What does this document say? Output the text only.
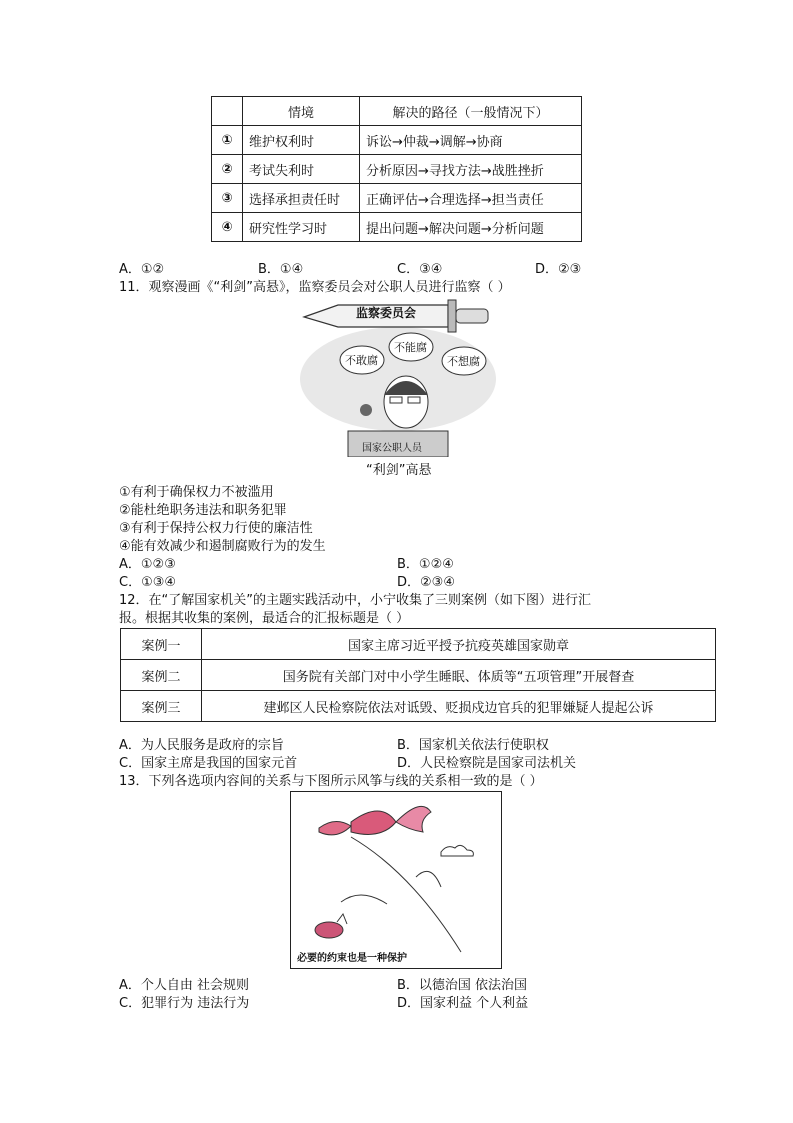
	情境	解决的路径（一般情况下）
①	维护权利时	诉讼→仲裁→调解→协商
②	考试失利时	分析原因→寻找方法→战胜挫折
③	选择承担责任时	正确评估→合理选择→担当责任
④	研究性学习时	提出问题→解决问题→分析问题
A．①②	B．①④	C．③④	D．②③
11．观察漫画《“利剑”高悬》，监察委员会对公职人员进行监察（ ）
监察委员会
不敢腐
不能腐
不想腐
国家公职人员
“利剑”高悬
①有利于确保权力不被滥用
②能杜绝职务违法和职务犯罪
③有利于保持公权力行使的廉洁性
④能有效减少和遏制腐败行为的发生
A．①②③	B．①②④
C．①③④	D．②③④
12．在“了解国家机关”的主题实践活动中，小宁收集了三则案例（如下图）进行汇
报。根据其收集的案例，最适合的汇报标题是（ ）
案例一	国家主席习近平授予抗疫英雄国家勋章
案例二	国务院有关部门对中小学生睡眠、体质等“五项管理”开展督查
案例三	建邺区人民检察院依法对诋毁、贬损戍边官兵的犯罪嫌疑人提起公诉
A．为人民服务是政府的宗旨	B．国家机关依法行使职权
C．国家主席是我国的国家元首	D．人民检察院是国家司法机关
13．下列各选项内容间的关系与下图所示风筝与线的关系相一致的是（ ）
必要的约束也是一种保护
A．个人自由 社会规则	B．以德治国 依法治国
C．犯罪行为 违法行为	D．国家利益 个人利益
